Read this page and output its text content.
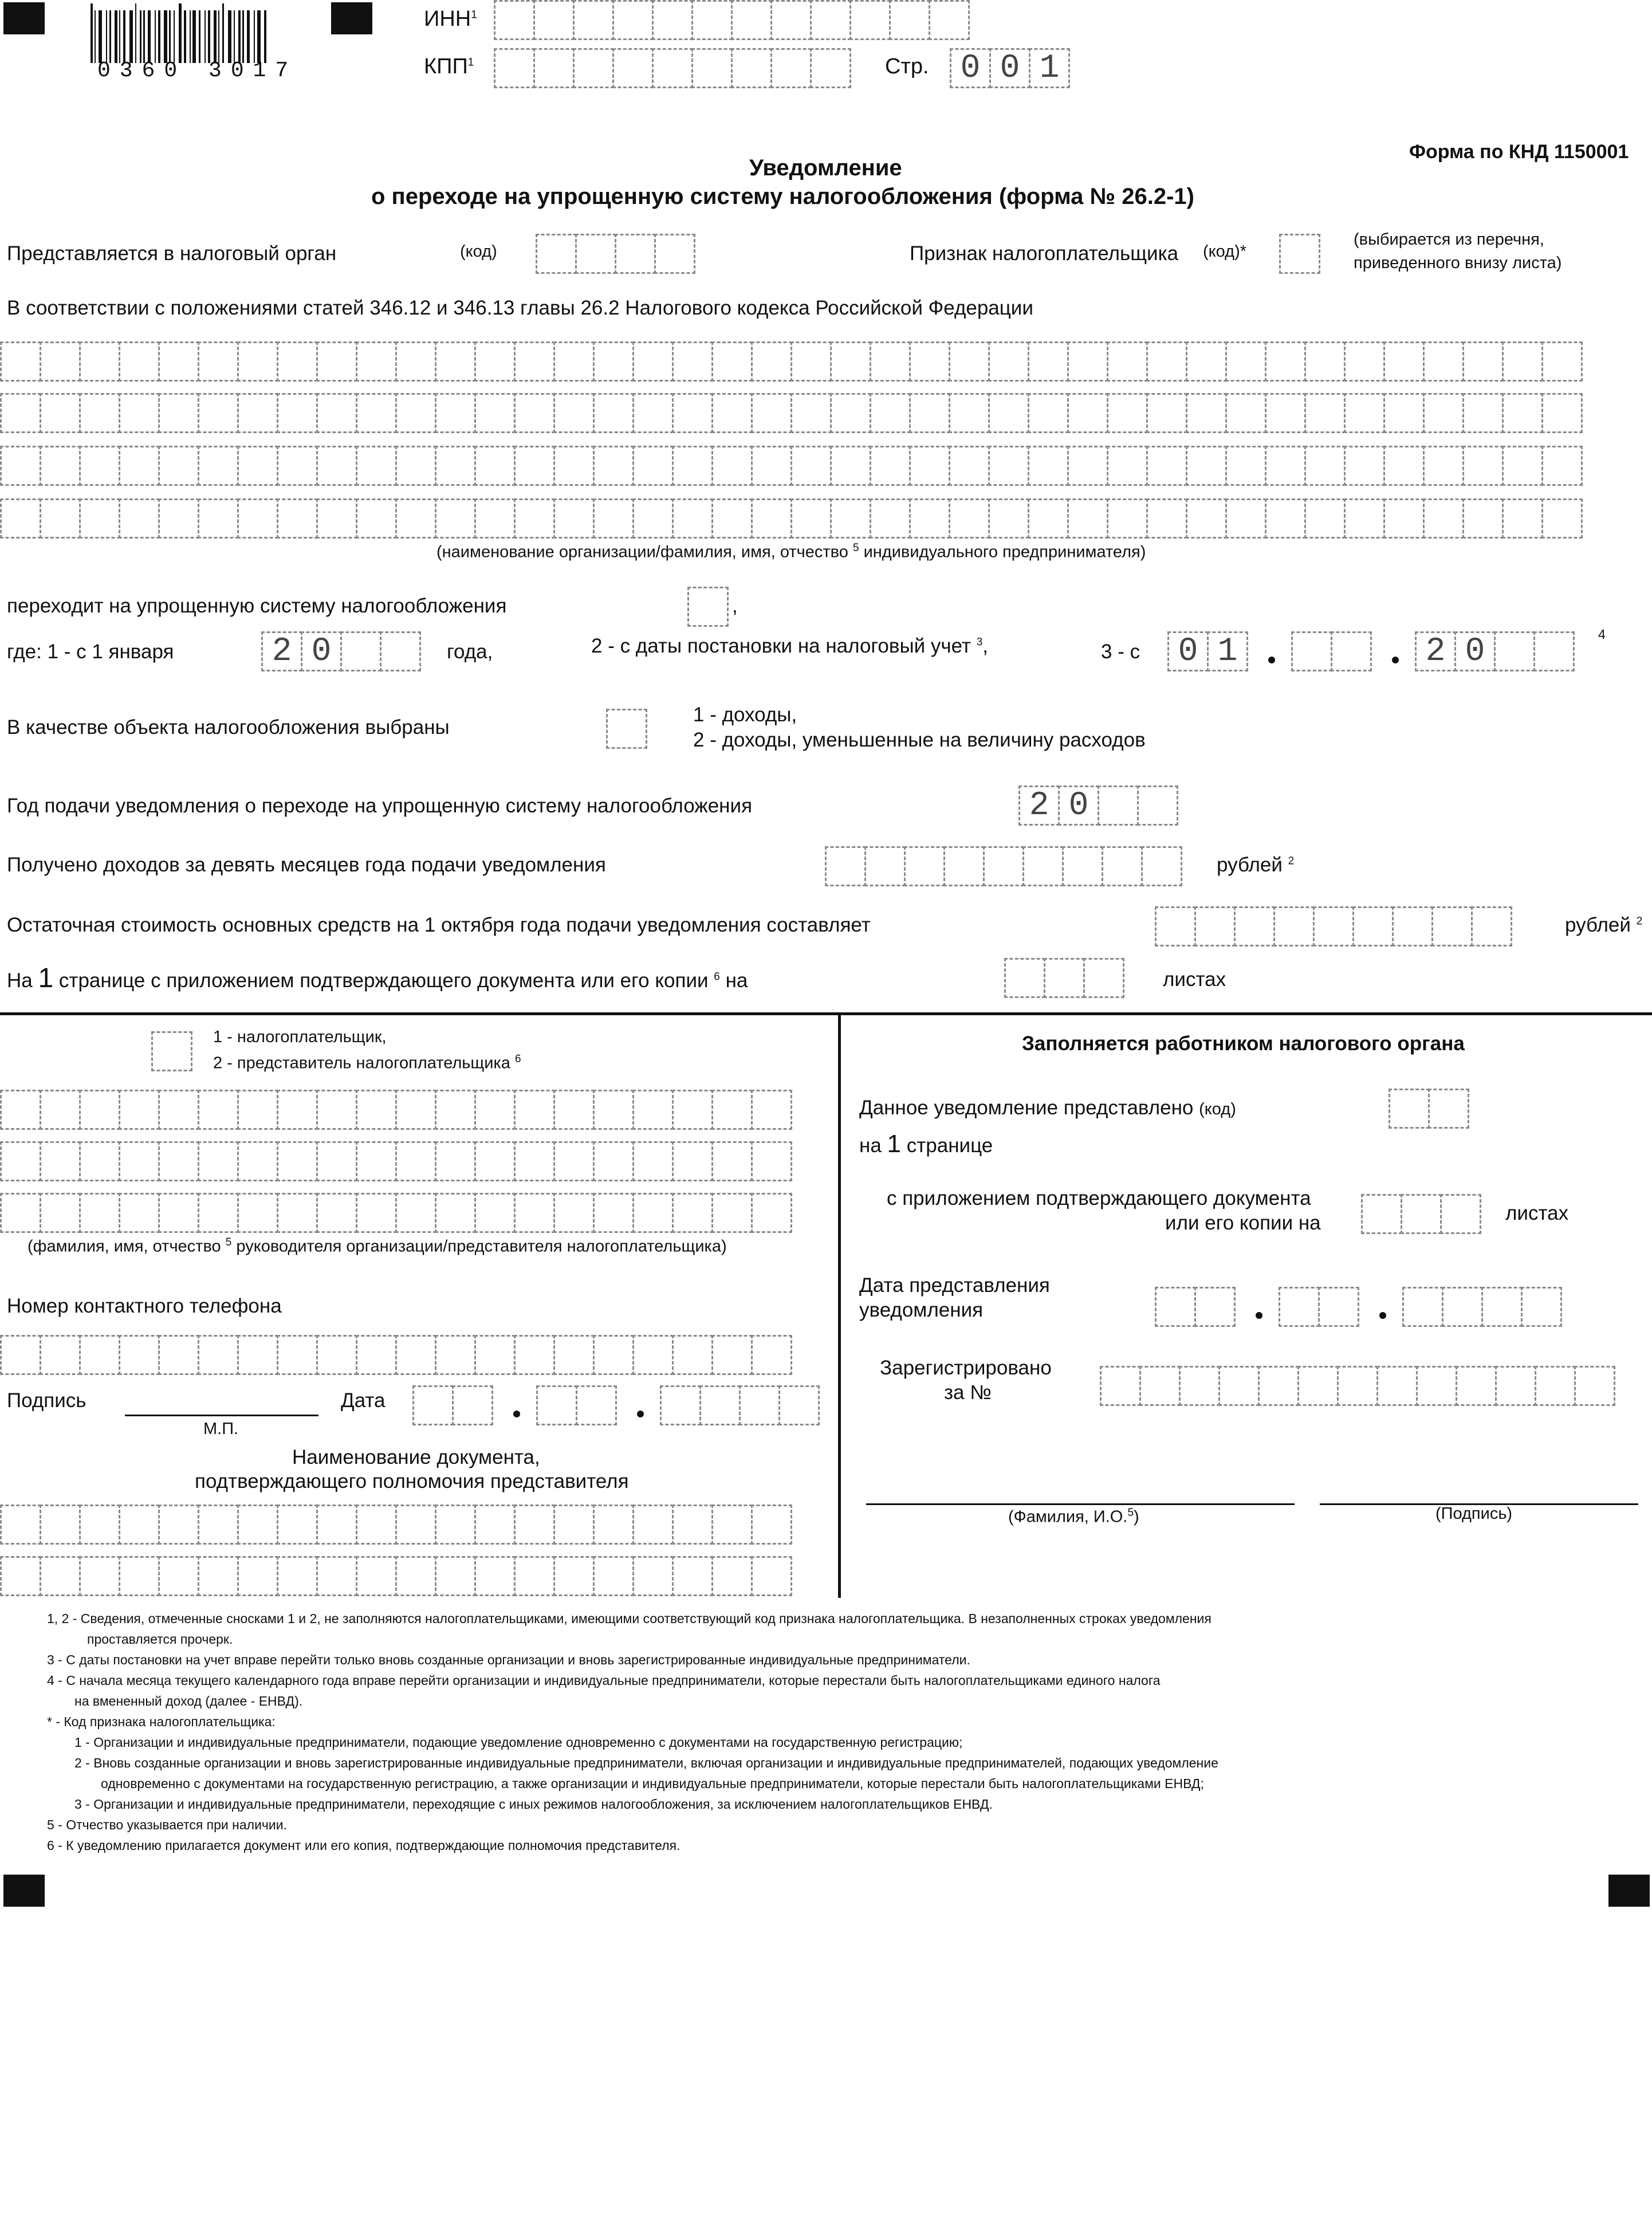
0360 3017
ИНН$^1$
КПП$^1$	Стр. 0 0 1
Форма по КНД 1150001
Уведомление
о переходе на упрощенную систему налогообложения (форма № 26.2-1)
Представляется в налоговый орган	(код)	Признак налогоплательщика (код)*
(выбирается из перечня,
приведенного внизу листа)
В соответствии с положениями статей 346.12 и 346.13 главы 26.2 Налогового кодекса Российской Федерации
(наименование организации/фамилия, имя, отчество $^5$ индивидуального предпринимателя)
переходит на упрощенную систему налогообложения	,
где: 1 - с 1 января	2 0	года,	2 - с даты постановки на налоговый учет $^3$,	3 - с	0 1	2 0	4
В качестве объекта налогообложения выбраны
1 - доходы,
2 - доходы, уменьшенные на величину расходов
Год подачи уведомления о переходе на упрощенную систему налогообложения	2 0
Получено доходов за девять месяцев года подачи уведомления	рублей $^2$
Остаточная стоимость основных средств на 1 октября года подачи уведомления составляет	рублей $^2$
На 1 странице с приложением подтверждающего документа или его копии $^6$ на	листах
1 - налогоплательщик,
2 - представитель налогоплательщика $^6$
(фамилия, имя, отчество $^5$ руководителя организации/представителя налогоплательщика)
Номер контактного телефона
Подпись
М.П.
Дата
Наименование документа,
подтверждающего полномочия представителя
Заполняется работником налогового органа
Данное уведомление представлено (код)
на 1 странице
с приложением подтверждающего документа
или его копии на	листах
Дата представления
уведомления
Зарегистрировано
за №
(Фамилия, И.О.$^5$)	(Подпись)
1, 2 - Сведения, отмеченные сносками 1 и 2, не заполняются налогоплательщиками, имеющими соответствующий код признака налогоплательщика. В незаполненных строках уведомления
проставляется прочерк.
3 - С даты постановки на учет вправе перейти только вновь созданные организации и вновь зарегистрированные индивидуальные предприниматели.
4 - С начала месяца текущего календарного года вправе перейти организации и индивидуальные предприниматели, которые перестали быть налогоплательщиками единого налога
на вмененный доход (далее - ЕНВД).
* - Код признака налогоплательщика:
1 - Организации и индивидуальные предприниматели, подающие уведомление одновременно с документами на государственную регистрацию;
2 - Вновь созданные организации и вновь зарегистрированные индивидуальные предприниматели, включая организации и индивидуальные предпринимателей, подающих уведомление
одновременно с документами на государственную регистрацию, а также организации и индивидуальные предприниматели, которые перестали быть налогоплательщиками ЕНВД;
3 - Организации и индивидуальные предприниматели, переходящие с иных режимов налогообложения, за исключением налогоплательщиков ЕНВД.
5 - Отчество указывается при наличии.
6 - К уведомлению прилагается документ или его копия, подтверждающие полномочия представителя.
